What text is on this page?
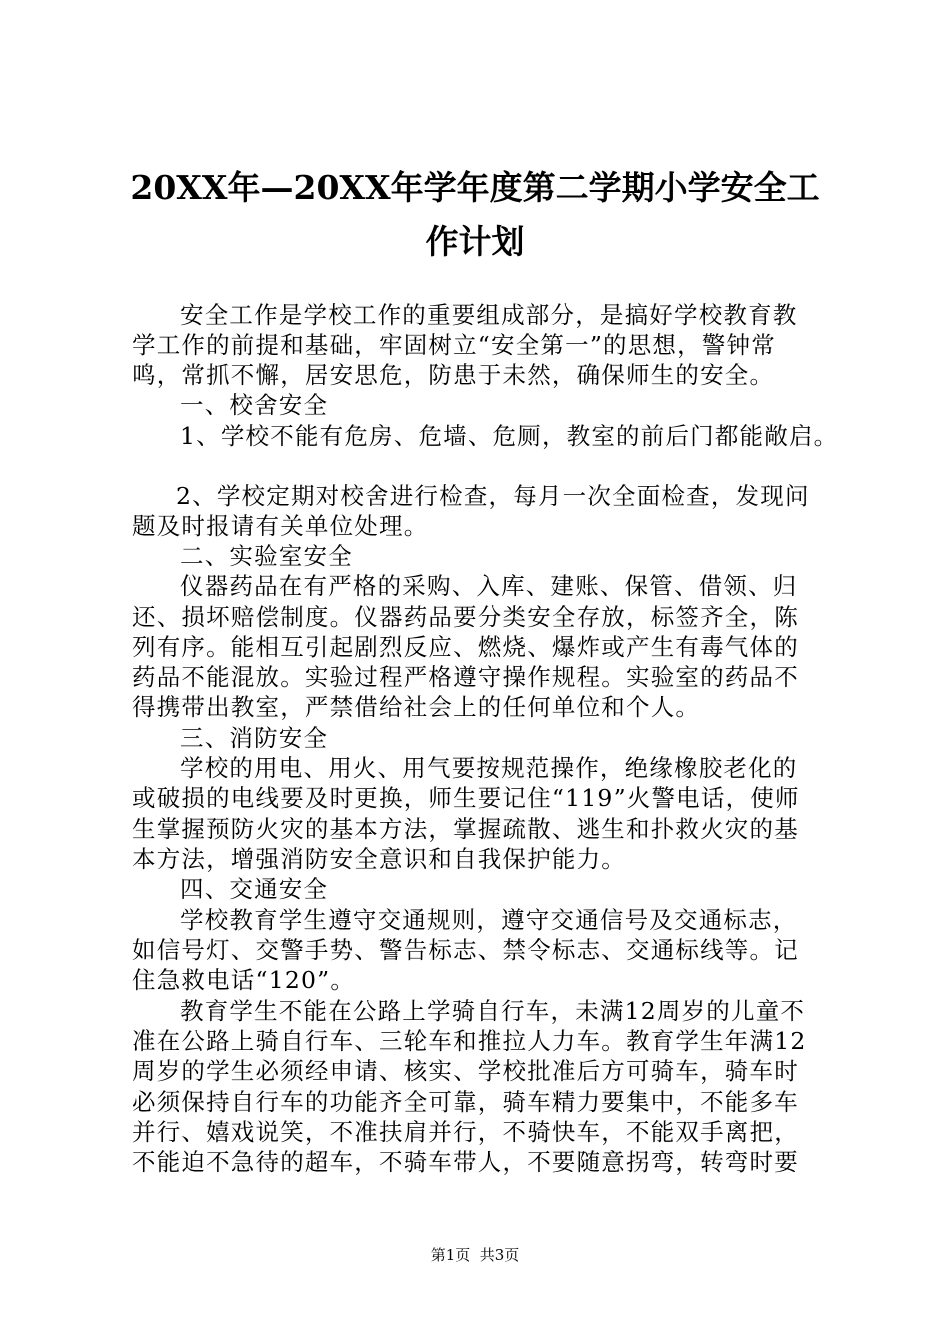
20XX年—20XX年学年度第二学期小学安全工
作计划
安全工作是学校工作的重要组成部分，是搞好学校教育教
学工作的前提和基础，牢固树立“安全第一”的思想，警钟常
鸣，常抓不懈，居安思危，防患于未然，确保师生的安全。
一、校舍安全
1、学校不能有危房、危墙、危厕，教室的前后门都能敞启。
2、学校定期对校舍进行检查，每月一次全面检查，发现问
题及时报请有关单位处理。
二、实验室安全
仪器药品在有严格的采购、入库、建账、保管、借领、归
还、损坏赔偿制度。仪器药品要分类安全存放，标签齐全，陈
列有序。能相互引起剧烈反应、燃烧、爆炸或产生有毒气体的
药品不能混放。实验过程严格遵守操作规程。实验室的药品不
得携带出教室，严禁借给社会上的任何单位和个人。
三、消防安全
学校的用电、用火、用气要按规范操作，绝缘橡胶老化的
或破损的电线要及时更换，师生要记住“119”火警电话，使师
生掌握预防火灾的基本方法，掌握疏散、逃生和扑救火灾的基
本方法，增强消防安全意识和自我保护能力。
四、交通安全
学校教育学生遵守交通规则，遵守交通信号及交通标志，
如信号灯、交警手势、警告标志、禁令标志、交通标线等。记
住急救电话“120”。
教育学生不能在公路上学骑自行车，未满12周岁的儿童不
准在公路上骑自行车、三轮车和推拉人力车。教育学生年满12
周岁的学生必须经申请、核实、学校批准后方可骑车，骑车时
必须保持自行车的功能齐全可靠，骑车精力要集中，不能多车
并行、嬉戏说笑，不准扶肩并行，不骑快车，不能双手离把，
不能迫不急待的超车，不骑车带人，不要随意拐弯，转弯时要
第1页  共3页
